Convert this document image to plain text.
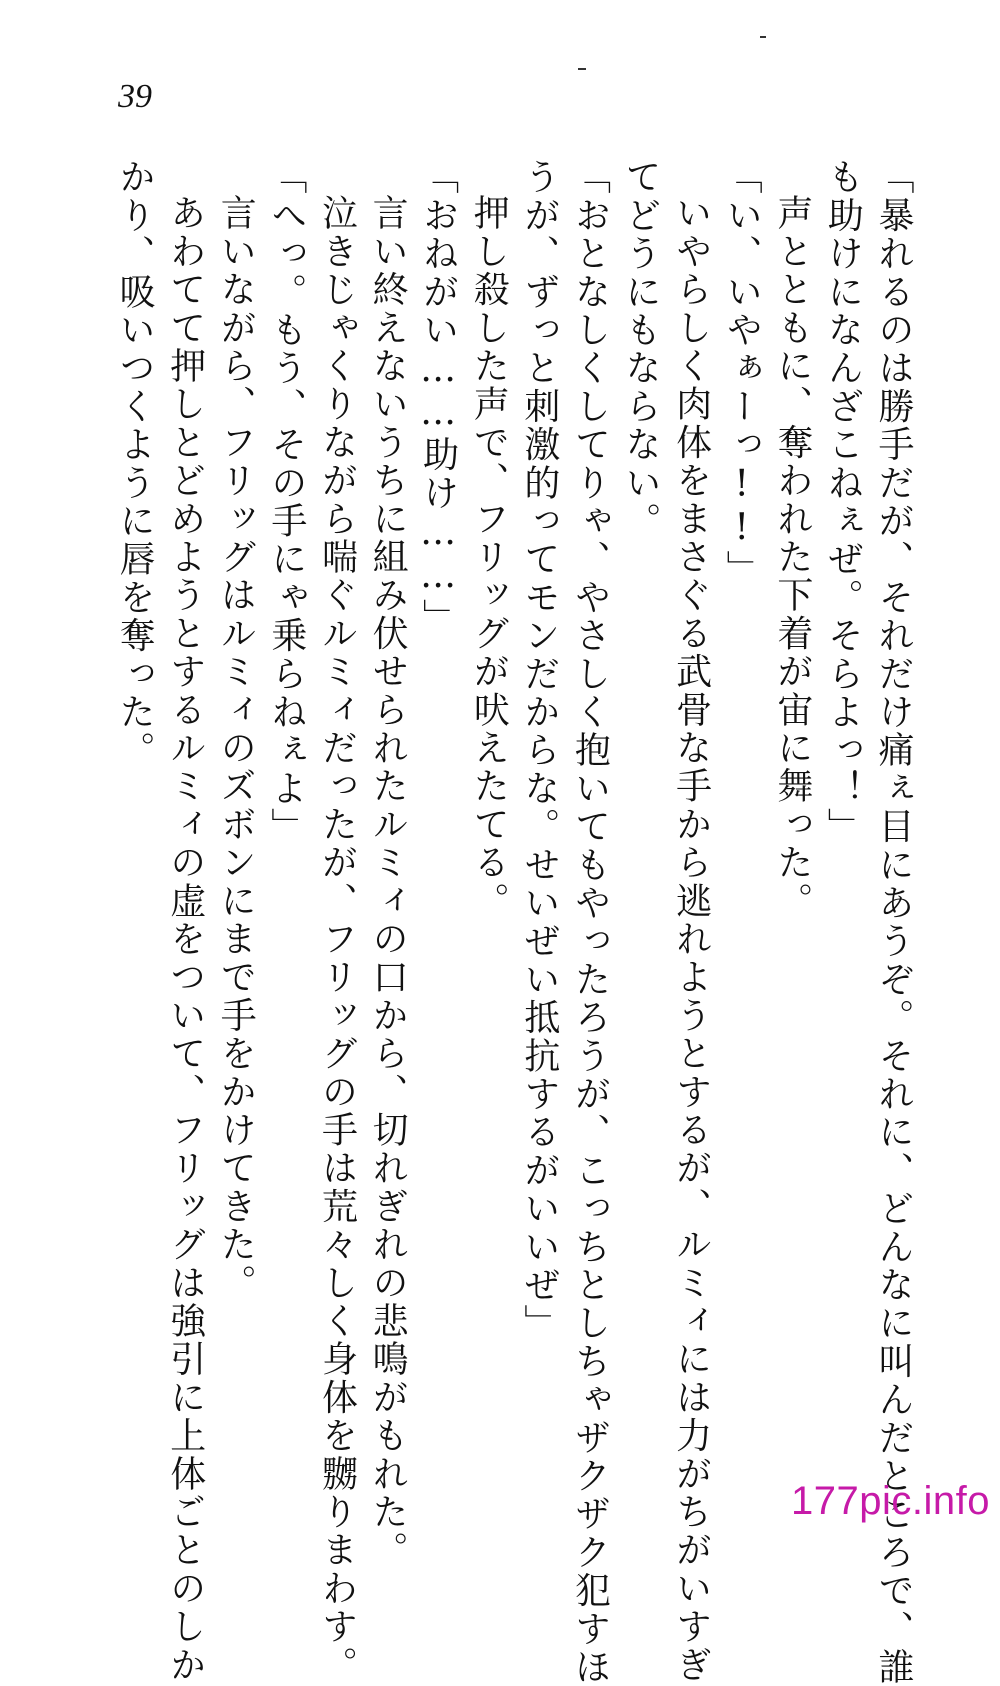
39
「暴れるのは勝手だが、それだけ痛ぇ目にあうぞ。それに、どんなに叫んだところで、誰
も助けになんざこねぇぜ。そらよっ！」
声とともに、奪われた下着が宙に舞った。
「い、いやぁーっ!!」
いやらしく肉体をまさぐる武骨な手から逃れようとするが、ルミィには力がちがいすぎ
てどうにもならない。
「おとなしくしてりゃ、やさしく抱いてもやったろうが、こっちとしちゃザクザク犯すほ
うが、ずっと刺激的ってモンだからな。せいぜい抵抗するがいいぜ」
押し殺した声で、フリッグが吠えたてる。
「おねがい……助け……」
言い終えないうちに組み伏せられたルミィの口から、切れぎれの悲鳴がもれた。
泣きじゃくりながら喘ぐルミィだったが、フリッグの手は荒々しく身体を嬲りまわす。
「へっ。もう、その手にゃ乗らねぇよ」
言いながら、フリッグはルミィのズボンにまで手をかけてきた。
あわてて押しとどめようとするルミィの虚をついて、フリッグは強引に上体ごとのしか
かり、吸いつくように唇を奪った。
177pic.info
